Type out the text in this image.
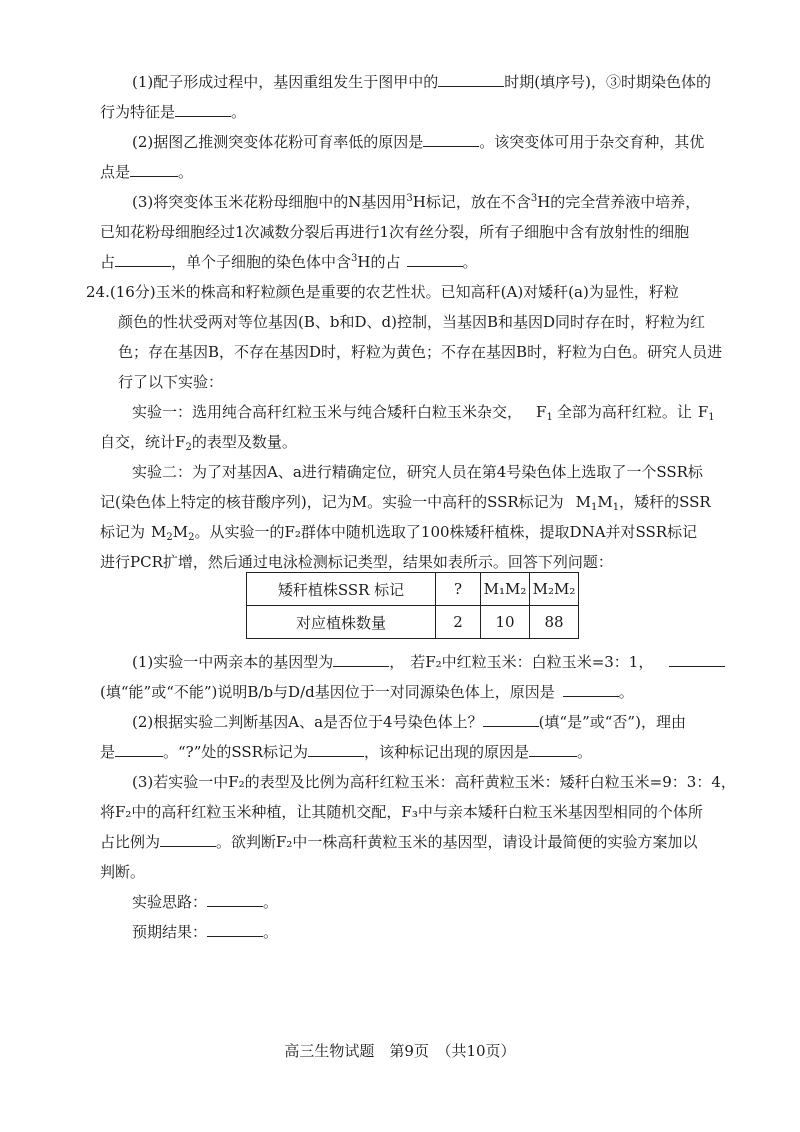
(1)配子形成过程中，基因重组发生于图甲中的	时期(填序号)，③时期染色体的
行为特征是	。
(2)据图乙推测突变体花粉可育率低的原因是	。该突变体可用于杂交育种，其优
点是	。
(3)将突变体玉米花粉母细胞中的N基因用$^3$H标记，放在不含$^3$H的完全营养液中培养，
已知花粉母细胞经过1次减数分裂后再进行1次有丝分裂，所有子细胞中含有放射性的细胞
占	，单个子细胞的染色体中含$^3$H的占	。
24.(16分)玉米的株高和籽粒颜色是重要的农艺性状。已知高秆(A)对矮秆(a)为显性，籽粒
颜色的性状受两对等位基因(B、b和D、d)控制，当基因B和基因D同时存在时，籽粒为红
色；存在基因B，不存在基因D时，籽粒为黄色；不存在基因B时，籽粒为白色。研究人员进
行了以下实验：
实验一：选用纯合高秆红粒玉米与纯合矮秆白粒玉米杂交， $F_1$ 全部为高秆红粒。让 $F_1$
自交，统计$F_2$的表型及数量。
实验二：为了对基因A、a进行精确定位，研究人员在第4号染色体上选取了一个SSR标
记(染色体上特定的核苷酸序列)，记为M。实验一中高秆的SSR标记为 $M_1M_1$，矮秆的SSR
标记为 $M_2M_2$。从实验一的F₂群体中随机选取了100株矮秆植株，提取DNA并对SSR标记
进行PCR扩增，然后通过电泳检测标记类型，结果如表所示。回答下列问题：
矮秆植株SSR 标记	?	M₁M₂	M₂M₂
对应植株数量	2	10	88
(1)实验一中两亲本的基因型为	， 若F₂中红粒玉米：白粒玉米=3：1，
(填“能”或“不能”)说明B/b与D/d基因位于一对同源染色体上，原因是	。
(2)根据实验二判断基因A、a是否位于4号染色体上？	(填“是”或“否”)，理由
是	。“?”处的SSR标记为	，该种标记出现的原因是	。
(3)若实验一中F₂的表型及比例为高秆红粒玉米：高秆黄粒玉米：矮秆白粒玉米=9：3：4，
将F₂中的高秆红粒玉米种植，让其随机交配，F₃中与亲本矮秆白粒玉米基因型相同的个体所
占比例为	。欲判断F₂中一株高秆黄粒玉米的基因型，请设计最简便的实验方案加以
判断。
实验思路：	。
预期结果：	。
高三生物试题　第9页　（共10页）
